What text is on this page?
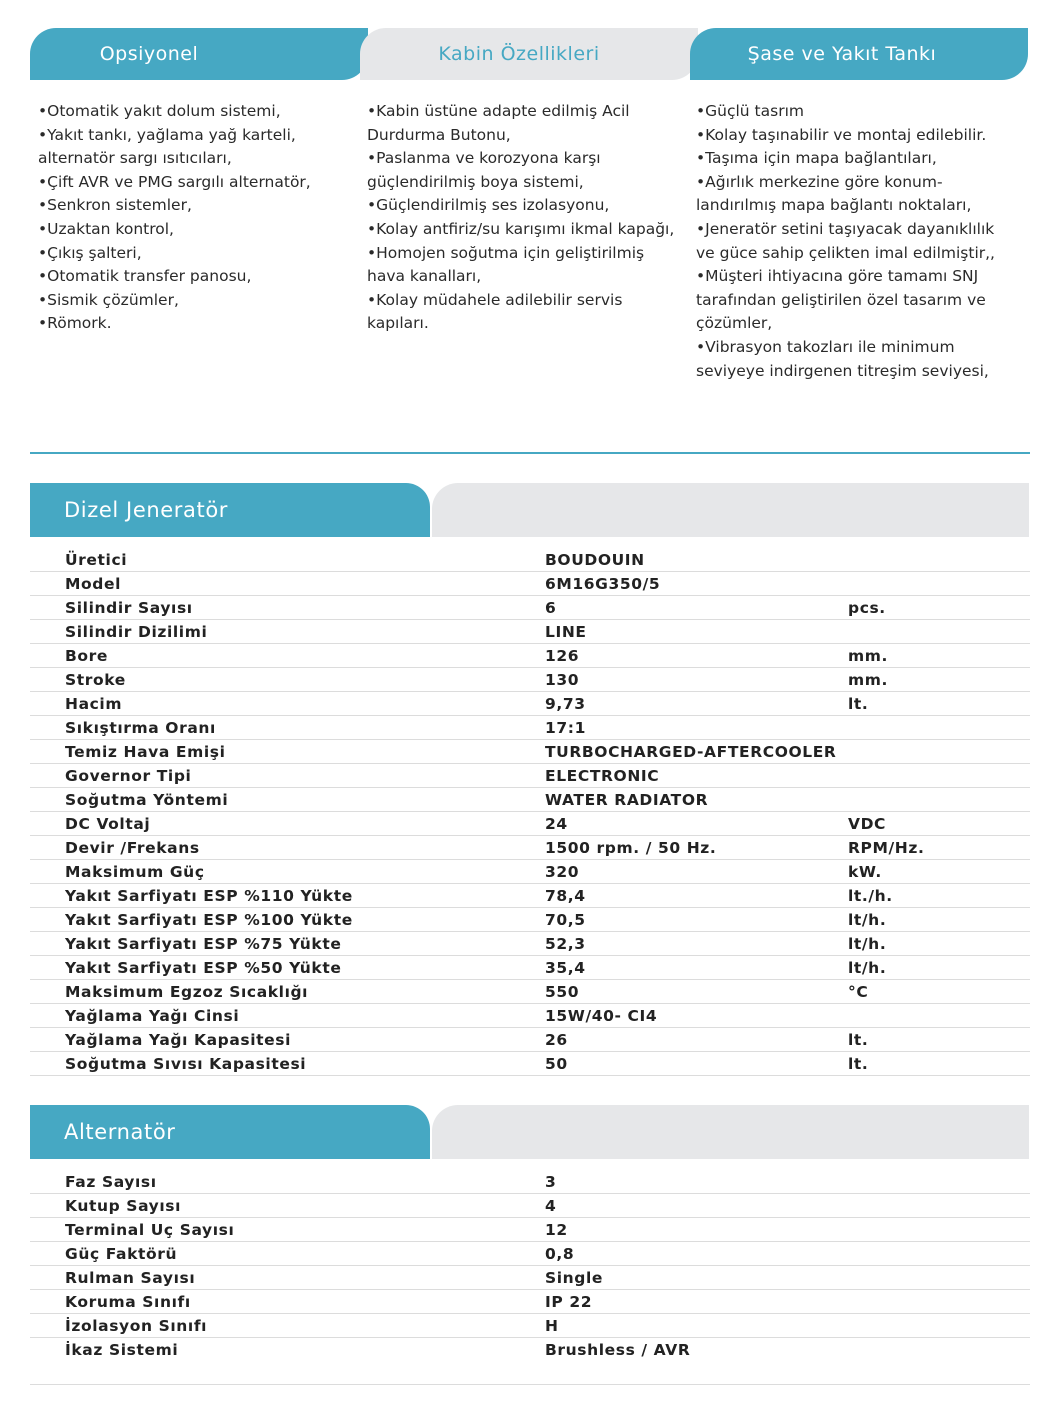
Opsiyonel	Kabin Özellikleri	Şase ve Yakıt Tankı
•Otomatik yakıt dolum sistemi,
•Yakıt tankı, yağlama yağ karteli,
alternatör sargı ısıtıcıları,
•Çift AVR ve PMG sargılı alternatör,
•Senkron sistemler,
•Uzaktan kontrol,
•Çıkış şalteri,
•Otomatik transfer panosu,
•Sismik çözümler,
•Römork.
•Kabin üstüne adapte edilmiş Acil
Durdurma Butonu,
•Paslanma ve korozyona karşı
güçlendirilmiş boya sistemi,
•Güçlendirilmiş ses izolasyonu,
•Kolay antfiriz/su karışımı ikmal kapağı,
•Homojen soğutma için geliştirilmiş
hava kanalları,
•Kolay müdahele adilebilir servis
kapıları.
•Güçlü tasrım
•Kolay taşınabilir ve montaj edilebilir.
•Taşıma için mapa bağlantıları,
•Ağırlık merkezine göre konum-
landırılmış mapa bağlantı noktaları,
•Jeneratör setini taşıyacak dayanıklılık
ve güce sahip çelikten imal edilmiştir,,
•Müşteri ihtiyacına göre tamamı SNJ
tarafından geliştirilen özel tasarım ve
çözümler,
•Vibrasyon takozları ile minimum
seviyeye indirgenen titreşim seviyesi,
Dizel Jeneratör
Üretici	BOUDOUIN
Model	6M16G350/5
Silindir Sayısı	6	pcs.
Silindir Dizilimi	LINE
Bore	126	mm.
Stroke	130	mm.
Hacim	9,73	lt.
Sıkıştırma Oranı	17:1
Temiz Hava Emişi	TURBOCHARGED-AFTERCOOLER
Governor Tipi	ELECTRONIC
Soğutma Yöntemi	WATER RADIATOR
DC Voltaj	24	VDC
Devir /Frekans	1500 rpm. / 50 Hz.	RPM/Hz.
Maksimum Güç	320	kW.
Yakıt Sarfiyatı ESP %110 Yükte	78,4	lt./h.
Yakıt Sarfiyatı ESP %100 Yükte	70,5	lt/h.
Yakıt Sarfiyatı ESP %75 Yükte	52,3	lt/h.
Yakıt Sarfiyatı ESP %50 Yükte	35,4	lt/h.
Maksimum Egzoz Sıcaklığı	550	°C
Yağlama Yağı Cinsi	15W/40- CI4
Yağlama Yağı Kapasitesi	26	lt.
Soğutma Sıvısı Kapasitesi	50	lt.
Alternatör
Faz Sayısı	3
Kutup Sayısı	4
Terminal Uç Sayısı	12
Güç Faktörü	0,8
Rulman Sayısı	Single
Koruma Sınıfı	IP 22
İzolasyon Sınıfı	H
İkaz Sistemi	Brushless / AVR
